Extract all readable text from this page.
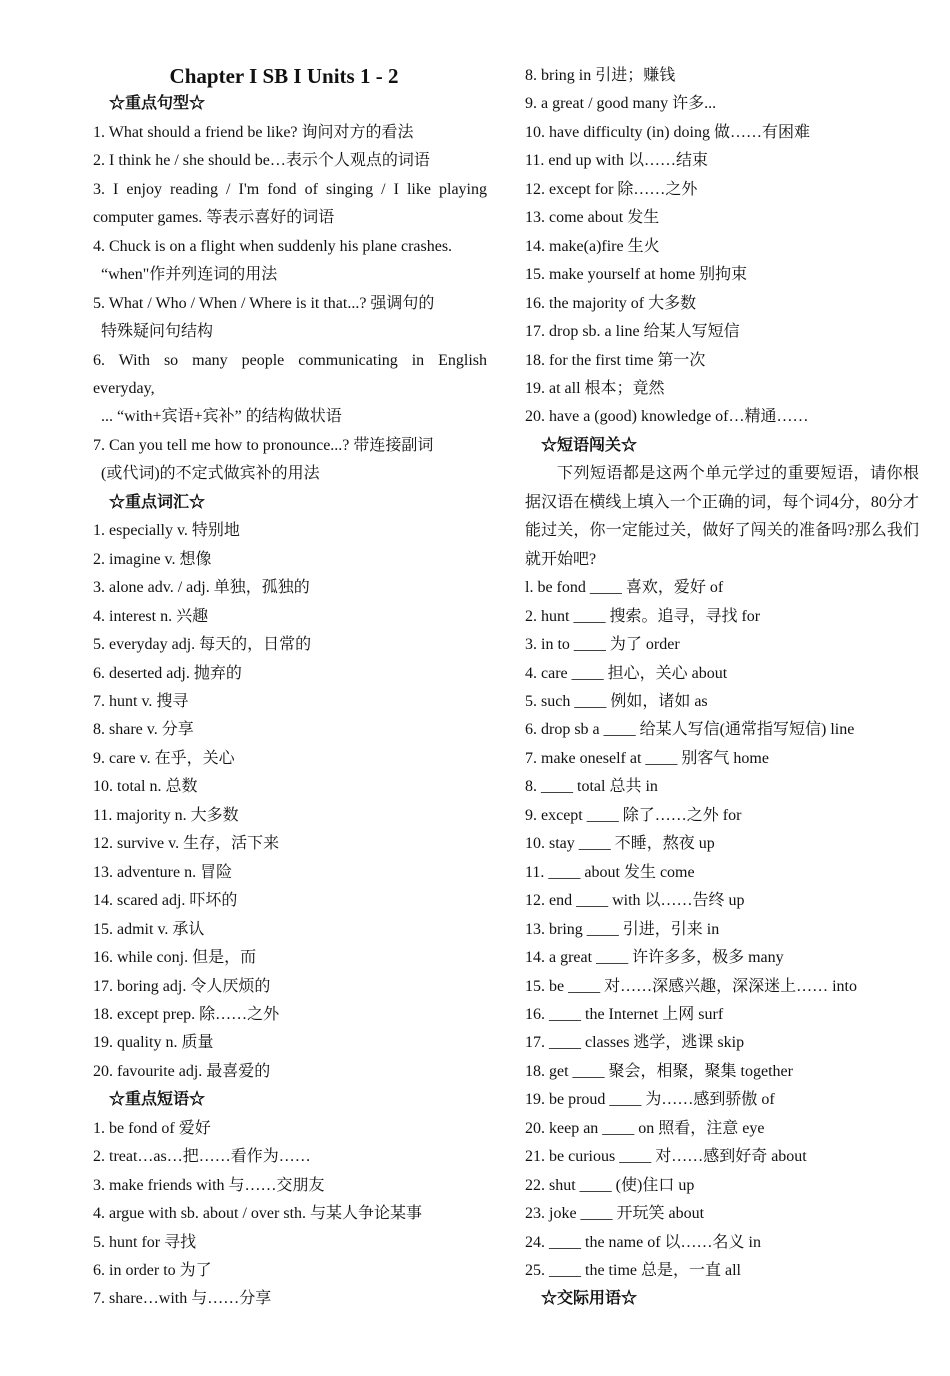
Chapter I SB I Units 1 - 2
☆重点句型☆
1. What should a friend be like? 询问对方的看法
2. I think he / she should be…表示个人观点的词语
3. I enjoy reading / I'm fond of singing / I like playing
computer games. 等表示喜好的词语
4. Chuck is on a flight when suddenly his plane crashes.
“when"作并列连词的用法
5. What / Who / When / Where is it that...? 强调句的
特殊疑问句结构
6. With so many people communicating in English
everyday,
... “with+宾语+宾补” 的结构做状语
7. Can you tell me how to pronounce...? 带连接副词
(或代词)的不定式做宾补的用法
☆重点词汇☆
1. especially v. 特别地
2. imagine v. 想像
3. alone adv. / adj. 单独，孤独的
4. interest n. 兴趣
5. everyday adj. 每天的，日常的
6. deserted adj. 抛弃的
7. hunt v. 搜寻
8. share v. 分享
9. care v. 在乎，关心
10. total n. 总数
11. majority n. 大多数
12. survive v. 生存，活下来
13. adventure n. 冒险
14. scared adj. 吓坏的
15. admit v. 承认
16. while conj. 但是，而
17. boring adj. 令人厌烦的
18. except prep. 除……之外
19. quality n. 质量
20. favourite adj. 最喜爱的
☆重点短语☆
1. be fond of 爱好
2. treat…as…把……看作为……
3. make friends with 与……交朋友
4. argue with sb. about / over sth. 与某人争论某事
5. hunt for 寻找
6. in order to 为了
7. share…with 与……分享
8. bring in 引进；赚钱
9. a great / good many 许多...
10. have difficulty (in) doing 做……有困难
11. end up with 以……结束
12. except for 除……之外
13. come about 发生
14. make(a)fire 生火
15. make yourself at home 别拘束
16. the majority of 大多数
17. drop sb. a line 给某人写短信
18. for the first time 第一次
19. at all 根本；竟然
20. have a (good) knowledge of…精通……
☆短语闯关☆
下列短语都是这两个单元学过的重要短语，请你根据汉语在横线上填入一个正确的词，每个词4分，80分才能过关，你一定能过关，做好了闯关的准备吗?那么我们就开始吧?
l. be fond ____ 喜欢，爱好 of
2. hunt ____ 搜索。追寻，寻找 for
3. in to ____ 为了 order
4. care ____ 担心，关心 about
5. such ____ 例如，诸如 as
6. drop sb a ____ 给某人写信(通常指写短信) line
7. make oneself at ____ 别客气 home
8. ____ total 总共 in
9. except ____ 除了……之外 for
10. stay ____ 不睡，熬夜 up
11. ____ about 发生 come
12. end ____ with 以……告终 up
13. bring ____ 引进，引来 in
14. a great ____ 许许多多，极多 many
15. be ____ 对……深感兴趣，深深迷上…… into
16. ____ the Internet 上网 surf
17. ____ classes 逃学，逃课 skip
18. get ____ 聚会，相聚，聚集 together
19. be proud ____ 为……感到骄傲 of
20. keep an ____ on 照看，注意 eye
21. be curious ____ 对……感到好奇 about
22. shut ____ (使)住口 up
23. joke ____ 开玩笑 about
24. ____ the name of 以……名义 in
25. ____ the time 总是，一直 all
☆交际用语☆
